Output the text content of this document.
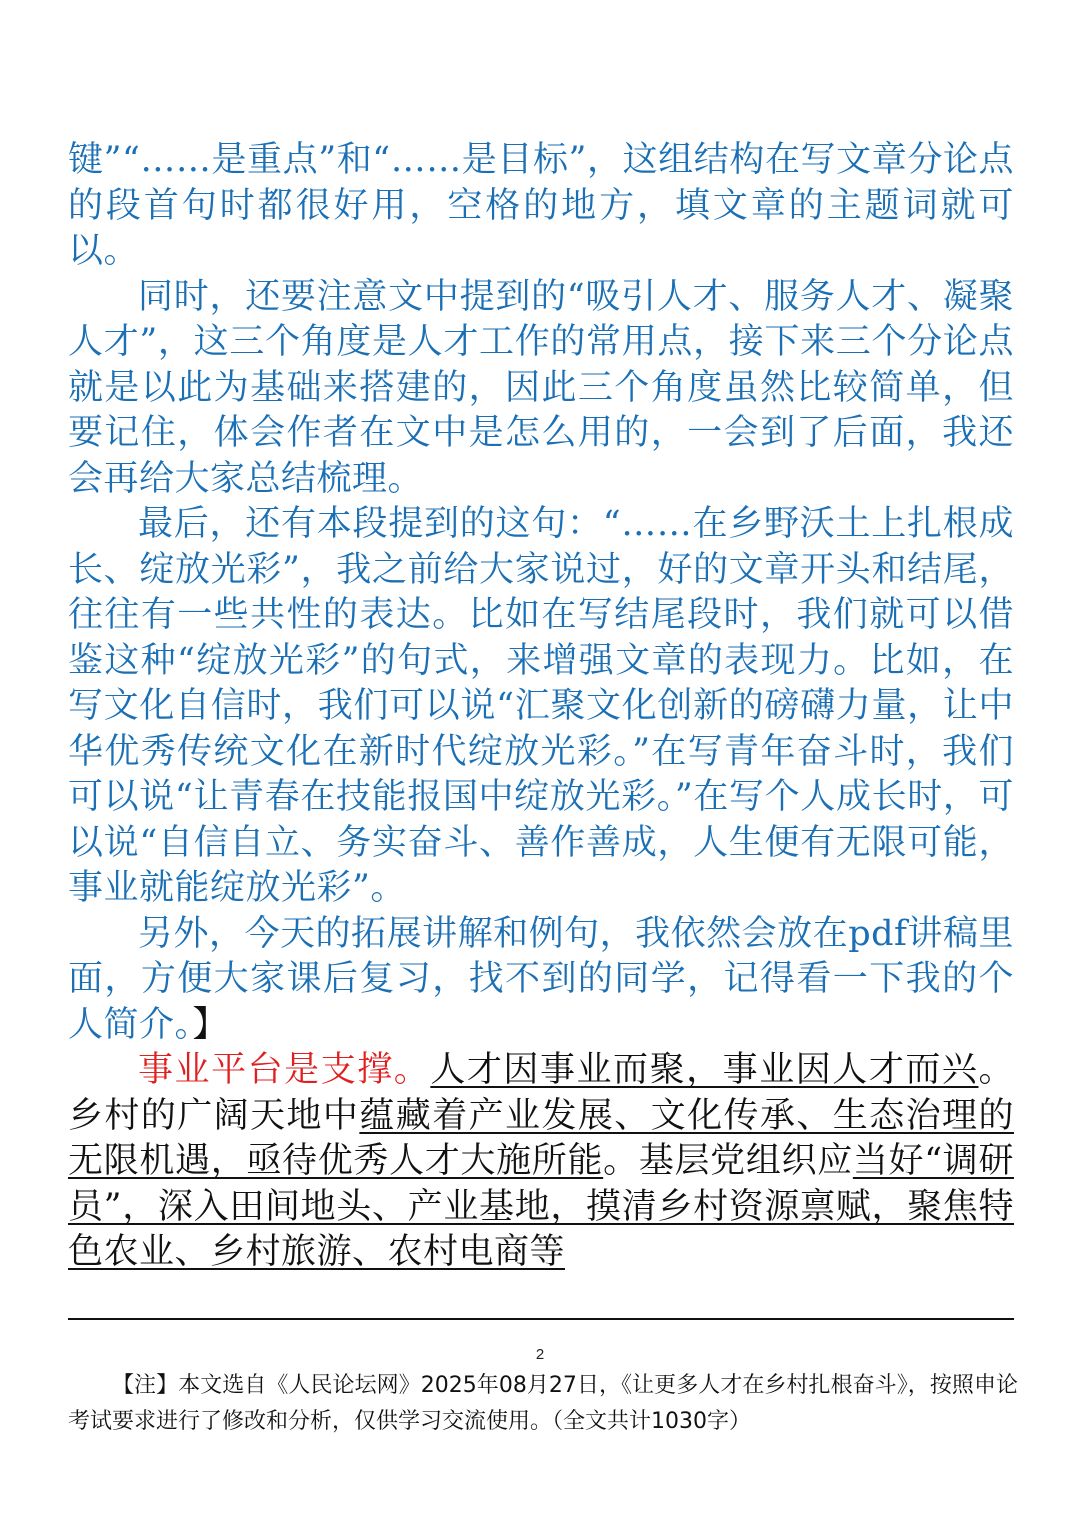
键”“……是重点”和“……是目标”，这组结构在写文章分论点的段首句时都很好用，空格的地方，填文章的主题词就可以。

同时，还要注意文中提到的“吸引人才、服务人才、凝聚人才”，这三个角度是人才工作的常用点，接下来三个分论点就是以此为基础来搭建的，因此三个角度虽然比较简单，但要记住，体会作者在文中是怎么用的，一会到了后面，我还会再给大家总结梳理。

最后，还有本段提到的这句：“……在乡野沃土上扎根成长、绽放光彩”，我之前给大家说过，好的文章开头和结尾，往往有一些共性的表达。比如在写结尾段时，我们就可以借鉴这种“绽放光彩”的句式，来增强文章的表现力。比如，在写文化自信时，我们可以说“汇聚文化创新的磅礴力量，让中华优秀传统文化在新时代绽放光彩。”在写青年奋斗时，我们可以说“让青春在技能报国中绽放光彩。”在写个人成长时，可以说“自信自立、务实奋斗、善作善成，人生便有无限可能，事业就能绽放光彩”。

另外，今天的拓展讲解和例句，我依然会放在pdf讲稿里面，方便大家课后复习，找不到的同学，记得看一下我的个人简介。】

事业平台是支撑。人才因事业而聚，事业因人才而兴。乡村的广阔天地中蕴藏着产业发展、文化传承、生态治理的无限机遇，亟待优秀人才大施所能。基层党组织应当好“调研员”，深入田间地头、产业基地，摸清乡村资源禀赋，聚焦特色农业、乡村旅游、农村电商等

2
【注】本文选自《人民论坛网》2025年08月27日，《让更多人才在乡村扎根奋斗》，按照申论考试要求进行了修改和分析，仅供学习交流使用。（全文共计1030字）
